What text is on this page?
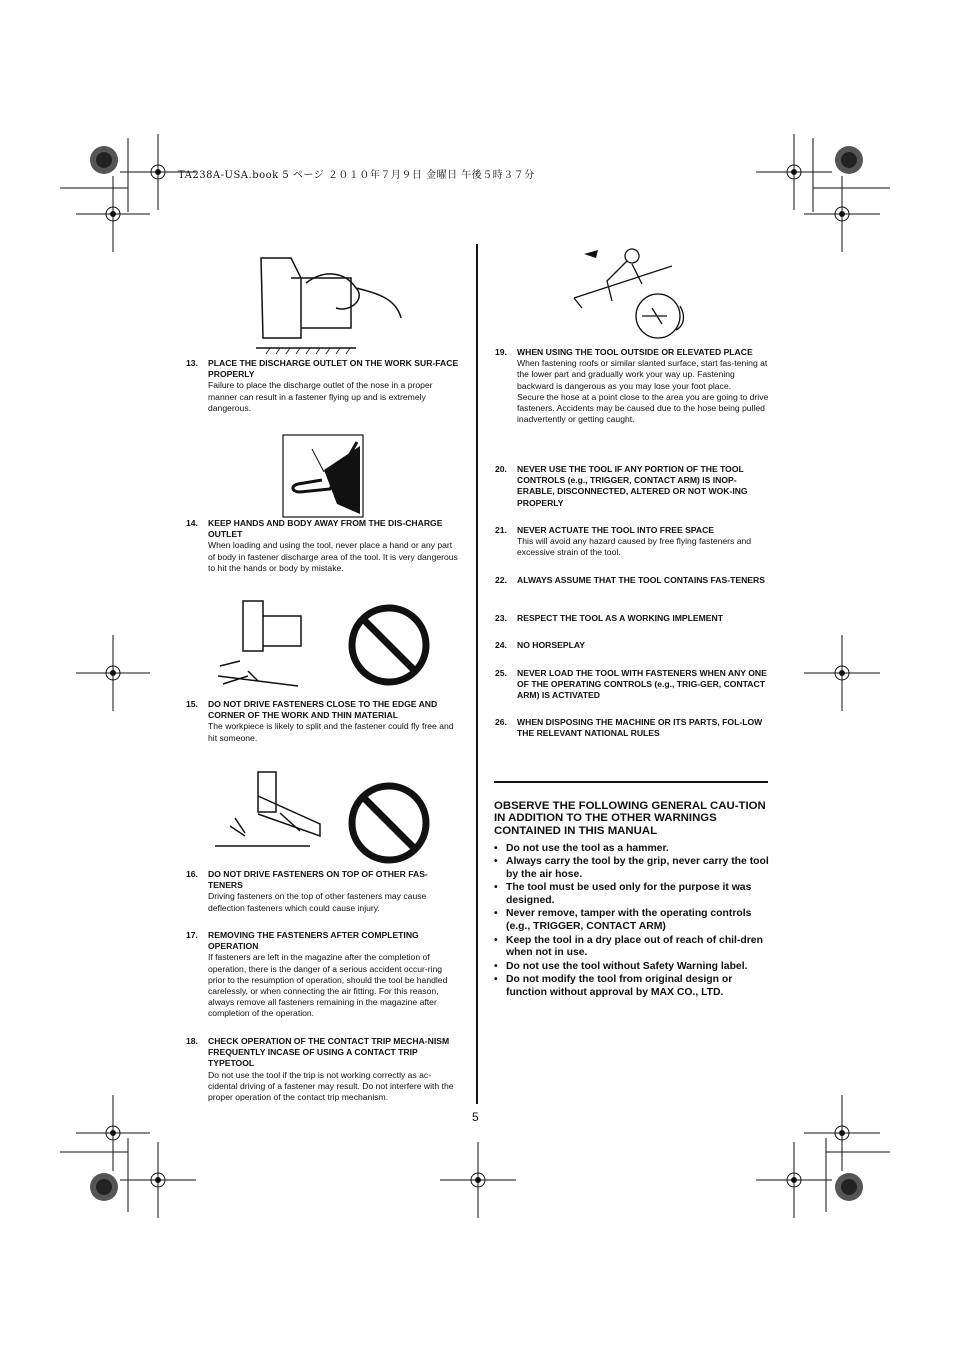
TA238A-USA.book 5 ページ ２０１０年７月９日 金曜日 午後５時３７分
13. PLACE THE DISCHARGE OUTLET ON THE WORK SUR-FACE PROPERLY
Failure to place the discharge outlet of the nose in a proper manner can result in a fastener flying up and is extremely dangerous.
14. KEEP HANDS AND BODY AWAY FROM THE DIS-CHARGE OUTLET
When loading and using the tool, never place a hand or any part of body in fastener discharge area of the tool. It is very dangerous to hit the hands or body by mistake.
15. DO NOT DRIVE FASTENERS CLOSE TO THE EDGE AND CORNER OF THE WORK AND THIN MATERIAL
The workpiece is likely to split and the fastener could fly free and hit someone.
16. DO NOT DRIVE FASTENERS ON TOP OF OTHER FAS-TENERS
Driving fasteners on the top of other fasteners may cause deflection fasteners which could cause injury.
17. REMOVING THE FASTENERS AFTER COMPLETING OPERATION
If fasteners are left in the magazine after the completion of operation, there is the danger of a serious accident occur-ring prior to the resumption of operation, should the tool be handled carelessly, or when connecting the air fitting. For this reason, always remove all fasteners remaining in the magazine after completion of the operation.
18. CHECK OPERATION OF THE CONTACT TRIP MECHA-NISM FREQUENTLY INCASE OF USING A CONTACT TRIP TYPETOOL
Do not use the tool if the trip is not working correctly as ac-cidental driving of a fastener may result. Do not interfere with the proper operation of the contact trip mechanism.
19. WHEN USING THE TOOL OUTSIDE OR ELEVATED PLACE
When fastening roofs or similar slanted surface, start fas-tening at the lower part and gradually work your way up. Fastening backward is dangerous as you may lose your foot place.
Secure the hose at a point close to the area you are going to drive fasteners. Accidents may be caused due to the hose being pulled inadvertently or getting caught.
20. NEVER USE THE TOOL IF ANY PORTION OF THE TOOL CONTROLS (e.g., TRIGGER, CONTACT ARM) IS INOP-ERABLE, DISCONNECTED, ALTERED OR NOT WOK-ING PROPERLY
21. NEVER ACTUATE THE TOOL INTO FREE SPACE
This will avoid any hazard caused by free flying fasteners and excessive strain of the tool.
22. ALWAYS ASSUME THAT THE TOOL CONTAINS FAS-TENERS
23. RESPECT THE TOOL AS A WORKING IMPLEMENT
24. NO HORSEPLAY
25. NEVER LOAD THE TOOL WITH FASTENERS WHEN ANY ONE OF THE OPERATING CONTROLS (e.g., TRIG-GER, CONTACT ARM) IS ACTIVATED
26. WHEN DISPOSING THE MACHINE OR ITS PARTS, FOL-LOW THE RELEVANT NATIONAL RULES
OBSERVE THE FOLLOWING GENERAL CAU-TION IN ADDITION TO THE OTHER WARNINGS CONTAINED IN THIS MANUAL
• Do not use the tool as a hammer.
• Always carry the tool by the grip, never carry the tool by the air hose.
• The tool must be used only for the purpose it was designed.
• Never remove, tamper with the operating controls (e.g., TRIGGER, CONTACT ARM)
• Keep the tool in a dry place out of reach of chil-dren when not in use.
• Do not use the tool without Safety Warning label.
• Do not modify the tool from original design or function without approval by MAX CO., LTD.
5
